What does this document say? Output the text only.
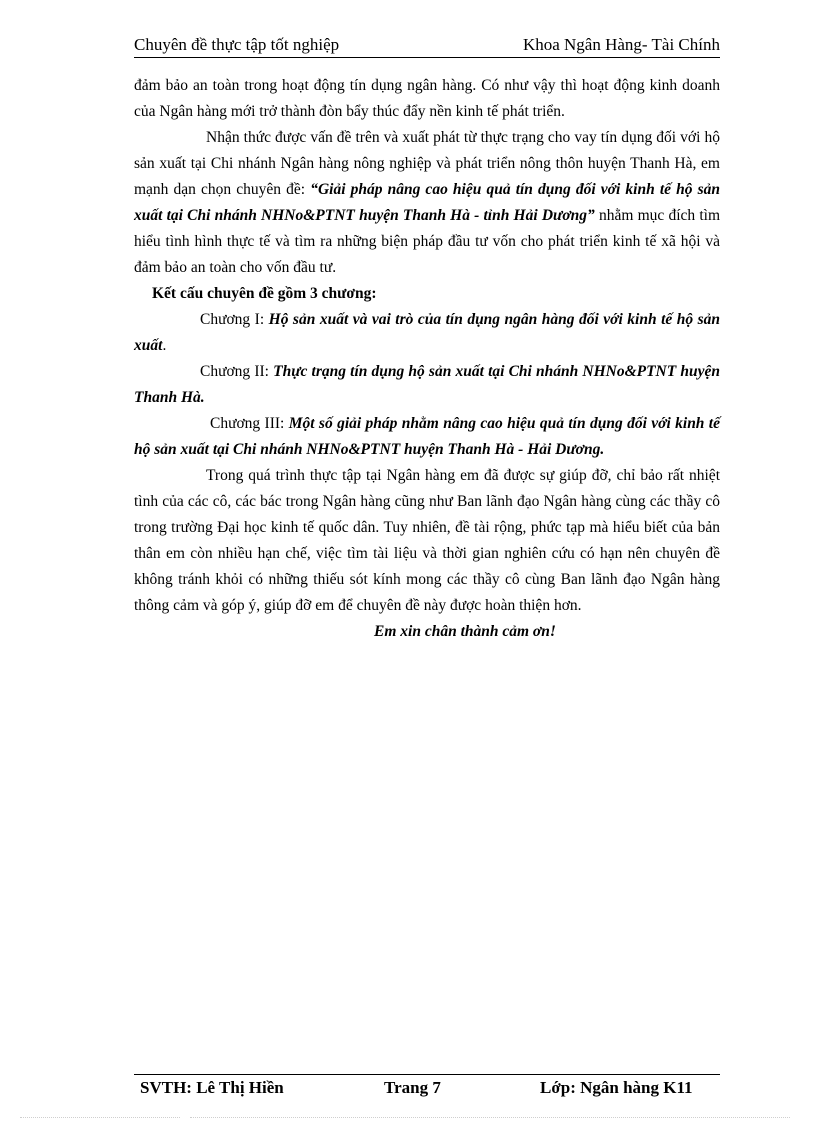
Chuyên đề thực tập tốt nghiệp	Khoa Ngân Hàng- Tài Chính

đảm bảo an toàn trong hoạt động tín dụng ngân hàng. Có như vậy thì hoạt động kinh doanh của Ngân hàng mới trở thành đòn bẩy thúc đẩy nền kinh tế phát triển.

Nhận thức được vấn đề trên và xuất phát từ thực trạng cho vay tín dụng đối với hộ sản xuất tại Chi nhánh Ngân hàng nông nghiệp và phát triển nông thôn huyện Thanh Hà, em mạnh dạn chọn chuyên đề: “Giải pháp nâng cao hiệu quả tín dụng đối với kinh tế hộ sản xuất tại Chi nhánh NHNo&PTNT huyện Thanh Hà - tỉnh Hải Dương” nhằm mục đích tìm hiểu tình hình thực tế và tìm ra những biện pháp đầu tư vốn cho phát triển kinh tế xã hội và đảm bảo an toàn cho vốn đầu tư.

Kết cấu chuyên đề gồm 3 chương:

Chương I: Hộ sản xuất và vai trò của tín dụng ngân hàng đối với kinh tế hộ sản xuất.

Chương II: Thực trạng tín dụng hộ sản xuất tại Chi nhánh NHNo&PTNT huyện Thanh Hà.

Chương III: Một số giải pháp nhằm nâng cao hiệu quả tín dụng đối với kinh tế hộ sản xuất tại Chi nhánh NHNo&PTNT huyện Thanh Hà - Hải Dương.

Trong quá trình thực tập tại Ngân hàng em đã được sự giúp đỡ, chỉ bảo rất nhiệt tình của các cô, các bác trong Ngân hàng cũng như Ban lãnh đạo Ngân hàng cùng các thầy cô trong trường Đại học kinh tế quốc dân. Tuy nhiên, đề tài rộng, phức tạp mà hiểu biết của bản thân em còn nhiều hạn chế, việc tìm tài liệu và thời gian nghiên cứu có hạn nên chuyên đề không tránh khỏi có những thiếu sót kính mong các thầy cô cùng Ban lãnh đạo Ngân hàng thông cảm và góp ý, giúp đỡ em để chuyên đề này được hoàn thiện hơn.

Em xin chân thành cảm ơn!

SVTH: Lê Thị Hiền	Trang 7	Lớp: Ngân hàng K11
